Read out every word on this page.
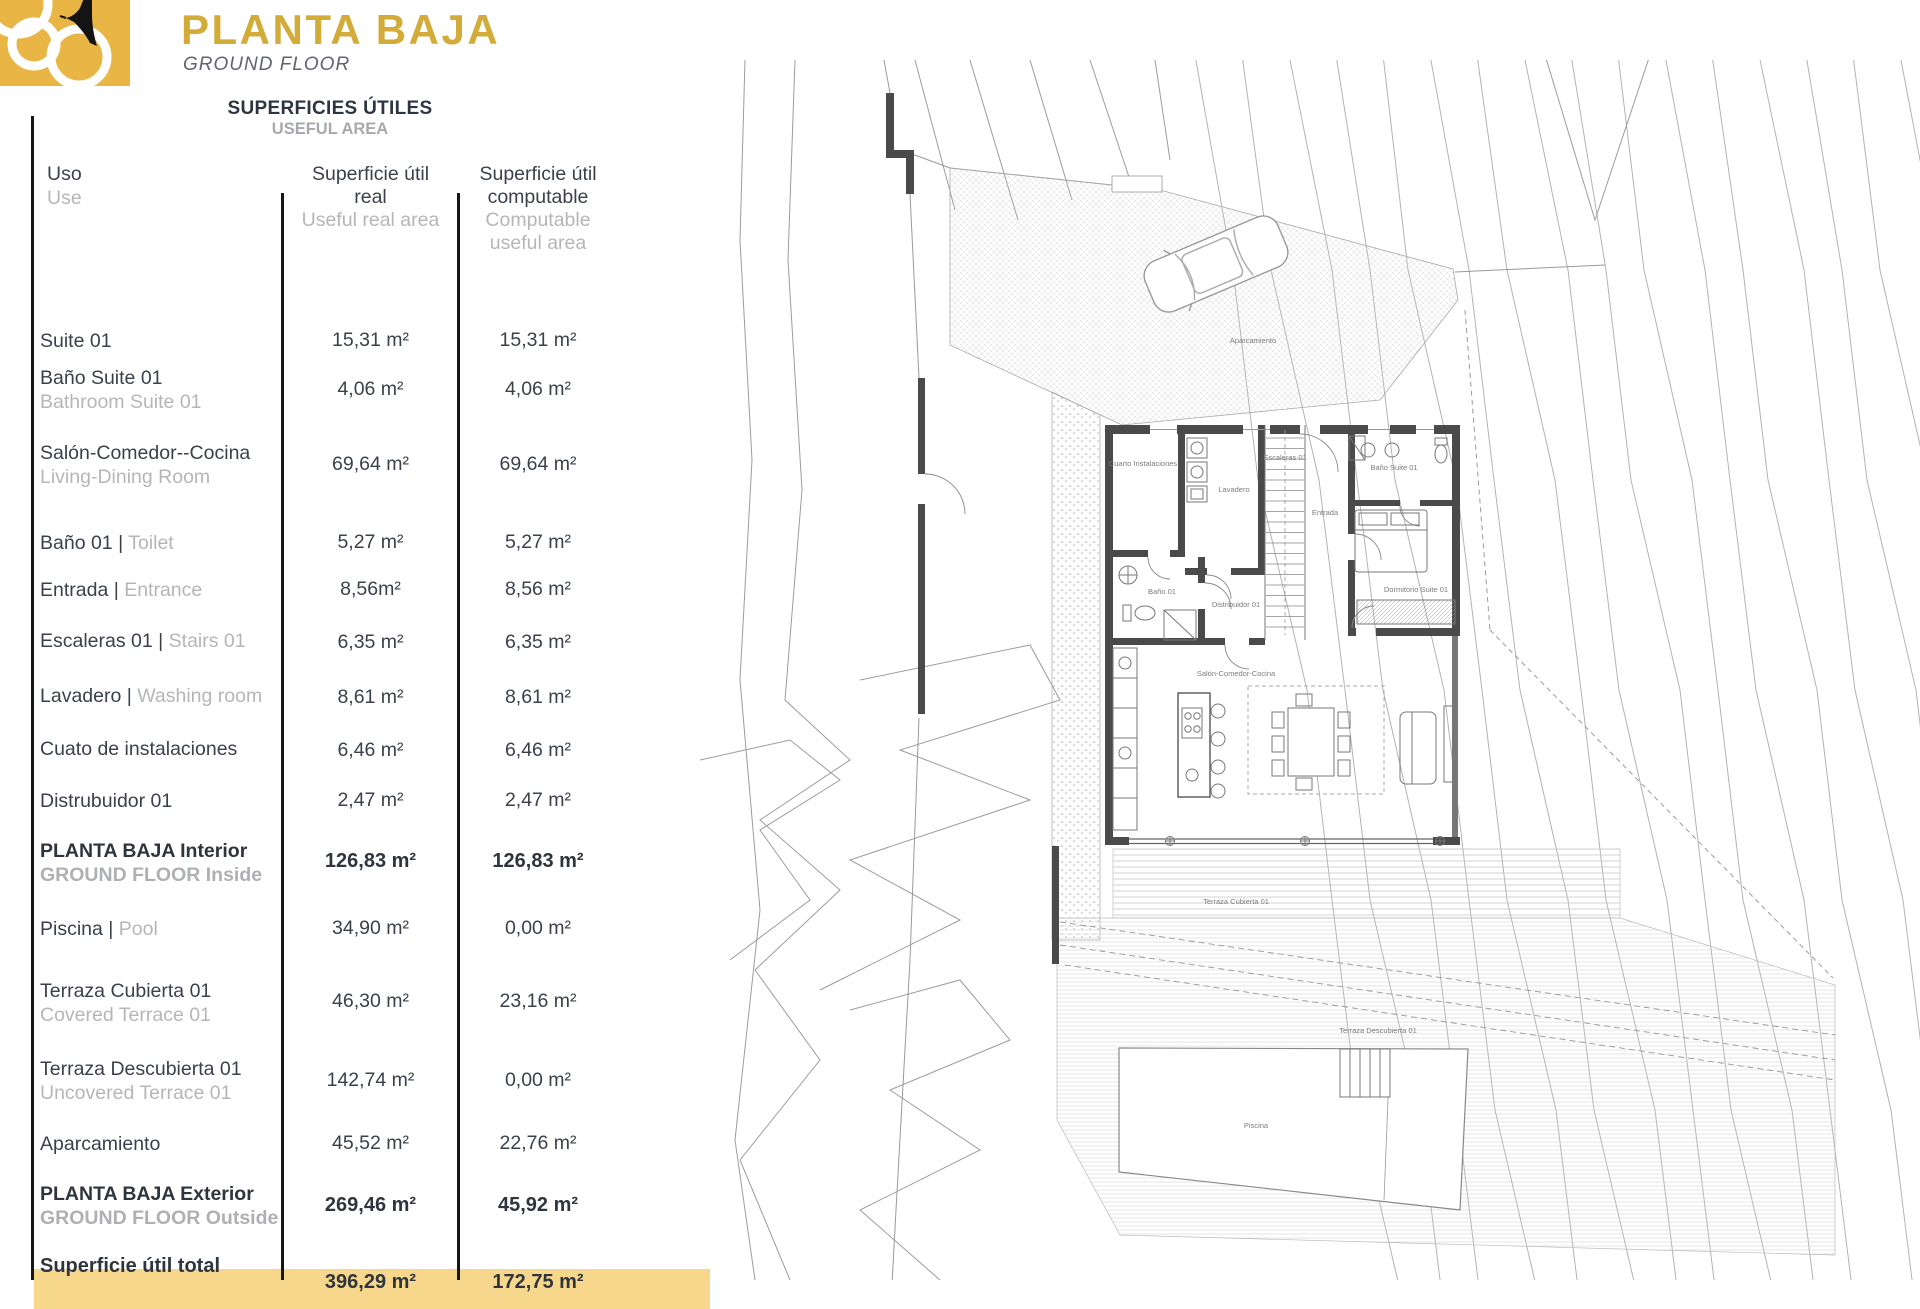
PLANTA BAJA
GROUND FLOOR
SUPERFICIES ÚTILES
USEFUL AREA
Uso
Use
Superficie útil
real
Useful real area
Superficie útil
computable
Computable
useful area
Suite 01	15,31 m²	15,31 m²
Baño Suite 01
Bathroom Suite 01
4,06 m²	4,06 m²
Salón-Comedor--Cocina
Living-Dining Room
69,64 m²	69,64 m²
Baño 01 | Toilet	5,27 m²	5,27 m²
Entrada | Entrance	8,56m²	8,56 m²
Escaleras 01 | Stairs 01	6,35 m²	6,35 m²
Lavadero | Washing room	8,61 m²	8,61 m²
Cuato de instalaciones	6,46 m²	6,46 m²
Distrubuidor 01	2,47 m²	2,47 m²
PLANTA BAJA Interior
GROUND FLOOR Inside
126,83 m²	126,83 m²
Piscina | Pool	34,90 m²	0,00 m²
Terraza Cubierta 01
Covered Terrace 01
46,30 m²	23,16 m²
Terraza Descubierta 01
Uncovered Terrace 01
142,74 m²	0,00 m²
Aparcamiento	45,52 m²	22,76 m²
PLANTA BAJA Exterior
GROUND FLOOR Outside
269,46 m²	45,92 m²
Superficie útil total
396,29 m²	172,75 m²
Aparcamiento
Cuarto Instalaciones
Lavadero
Escaleras 01
Entrada
Baño Suite 01
Dormitorio Suite 01
Baño 01
Distribuidor 01
Salón-Comedor-Cocina
Terraza Cubierta 01
Terraza Descubierta 01
Piscina
